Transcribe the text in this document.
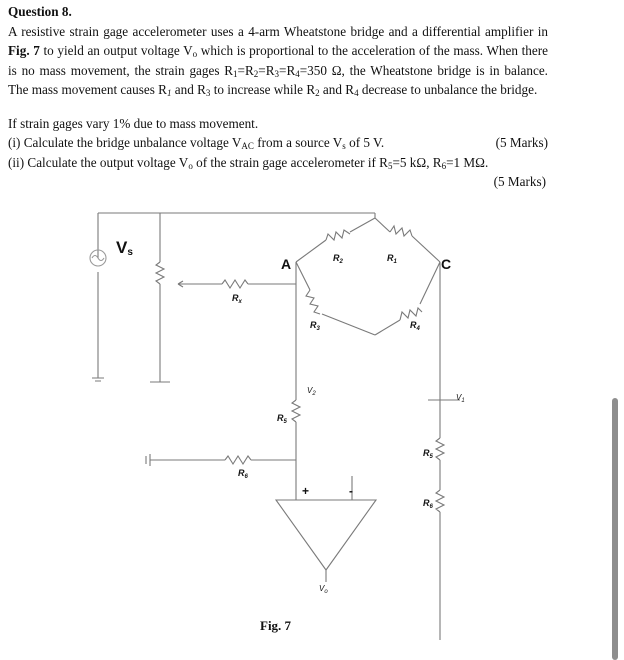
Question 8.
A resistive strain gage accelerometer uses a 4-arm Wheatstone bridge and a differential amplifier in Fig. 7 to yield an output voltage $V_o$ which is proportional to the acceleration of the mass. When there is no mass movement, the strain gages $R_1=R_2=R_3=R_4=350$ Ω, the Wheatstone bridge is in balance. The mass movement causes $R_1$ and $R_3$ to increase while $R_2$ and $R_4$ decrease to unbalance the bridge.
If strain gages vary 1% due to mass movement.
(i) Calculate the bridge unbalance voltage $V_{AC}$ from a source $V_s$ of 5 V.	(5 Marks)
(ii) Calculate the output voltage $V_o$ of the strain gage accelerometer if $R_5=5$ kΩ, $R_6=1$ MΩ.
(5 Marks)
$V_s$
A	C
$R_2$	$R_1$
$R_x$
$R_3$	$R_4$
$V_2$	$V_1$
$R_5$
$R_5$
$R_6$
$R_6$
+	-
$V_o$
Fig. 7
